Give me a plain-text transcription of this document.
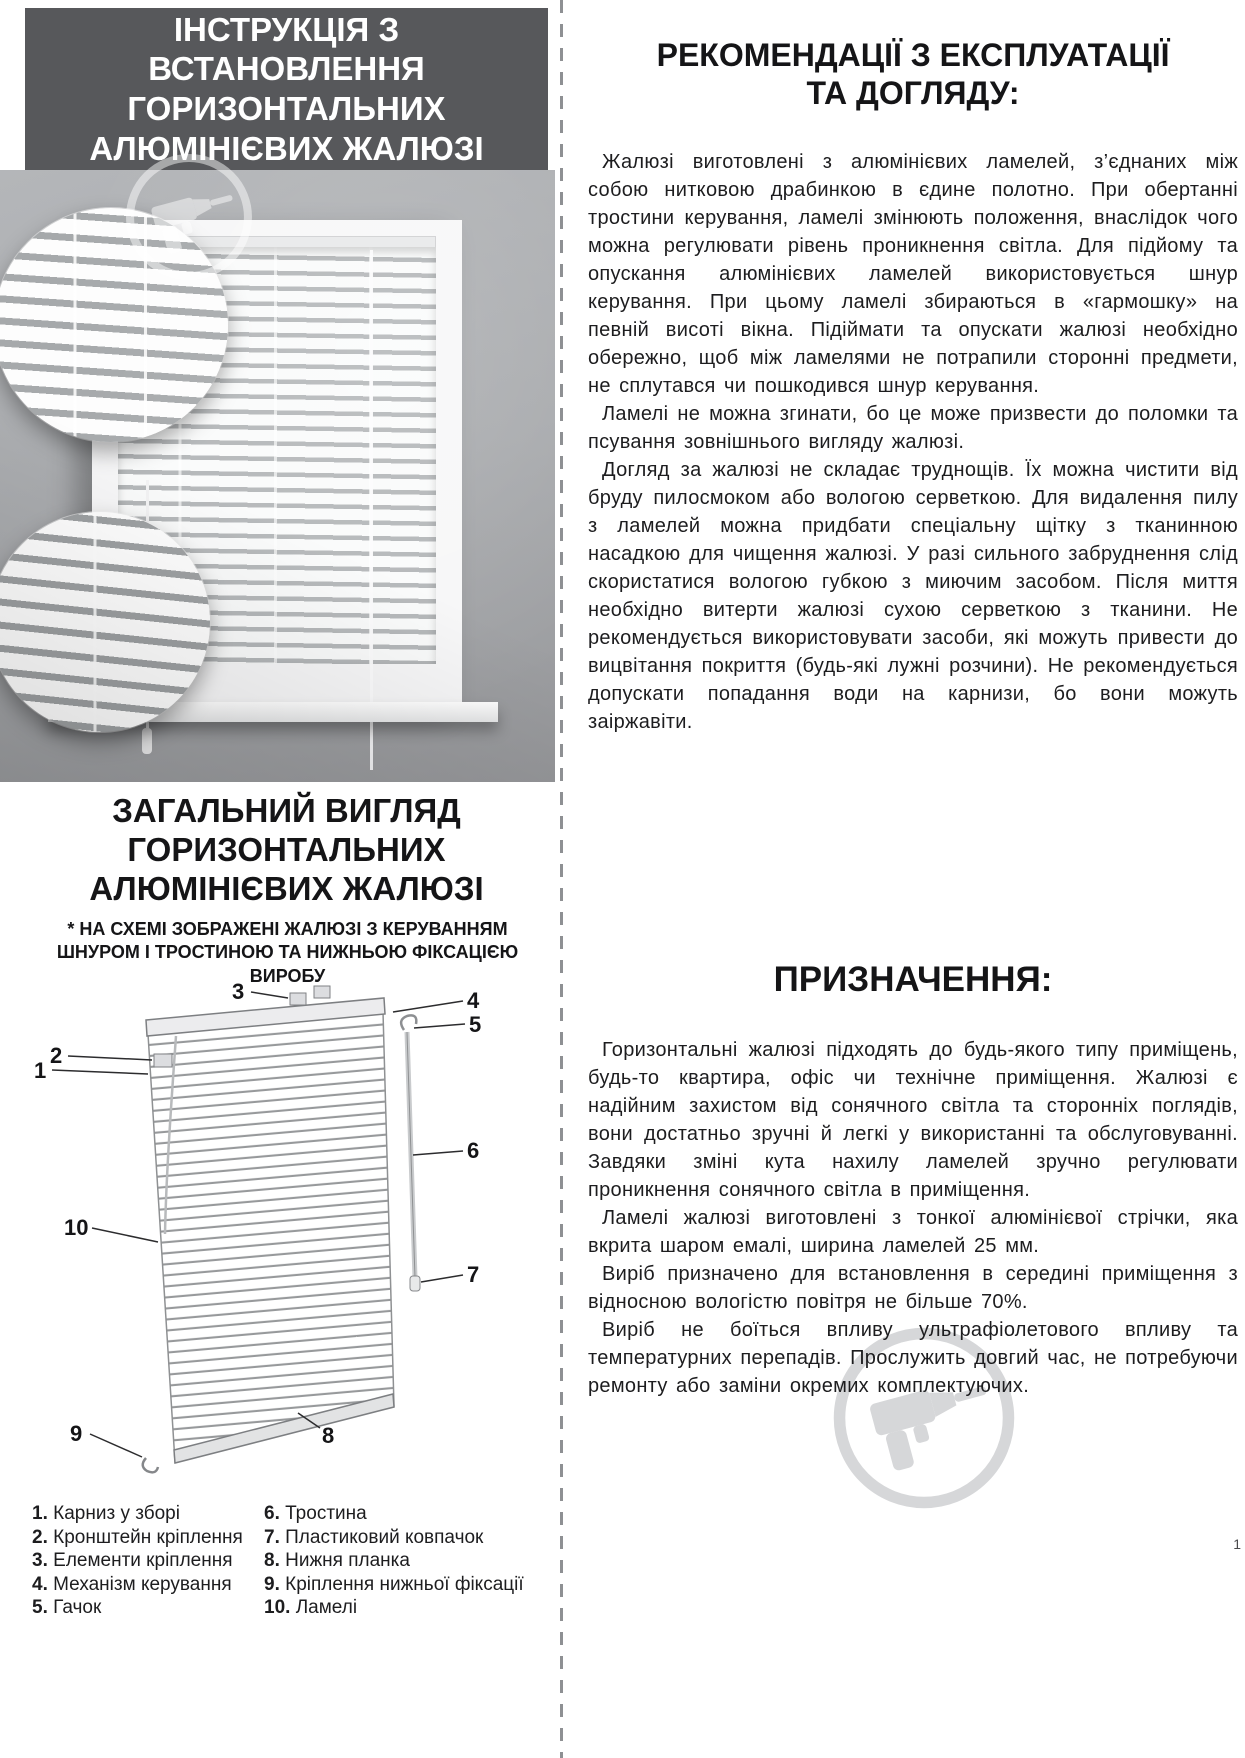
ІНСТРУКЦІЯ З ВСТАНОВЛЕННЯ ГОРИЗОНТАЛЬНИХ АЛЮМІНІЄВИХ ЖАЛЮЗІ
ЗАГАЛЬНИЙ ВИГЛЯД ГОРИЗОНТАЛЬНИХ АЛЮМІНІЄВИХ ЖАЛЮЗІ

* НА СХЕМІ ЗОБРАЖЕНІ ЖАЛЮЗІ З КЕРУВАННЯМ ШНУРОМ І ТРОСТИНОЮ ТА НИЖНЬОЮ ФІКСАЦІЄЮ ВИРОБУ

3	4
5
2
1
6
10
7
9	8
1. Карниз у зборі
2. Кронштейн кріплення
3. Елементи кріплення
4. Механізм керування
5. Гачок
6. Тростина
7. Пластиковий ковпачок
8. Нижня планка
9. Кріплення нижньої фіксації
10. Ламелі
РЕКОМЕНДАЦІЇ З ЕКСПЛУАТАЦІЇ ТА ДОГЛЯДУ:

Жалюзі виготовлені з алюмінієвих ламелей, з’єднаних між собою нитковою драбинкою в єдине полотно. При обертанні тростини керування, ламелі змінюють положення, внаслідок чого можна регулювати рівень проникнення світла. Для підйому та опускання алюмінієвих ламелей використовується шнур керування. При цьому ламелі збираються в «гармошку» на певній висоті вікна. Підіймати та опускати жалюзі необхідно обережно, щоб між ламелями не потрапили сторонні предмети, не сплутався чи пошкодився шнур керування.

Ламелі не можна згинати, бо це може призвести до поломки та псування зовнішнього вигляду жалюзі.

Догляд за жалюзі не складає труднощів. Їх можна чистити від бруду пилосмоком або вологою серветкою. Для видалення пилу з ламелей можна придбати спеціальну щітку з тканинною насадкою для чищення жалюзі. У разі сильного забруднення слід скористатися вологою губкою з миючим засобом. Після миття необхідно витерти жалюзі сухою серветкою з тканини. Не рекомендується використовувати засоби, які можуть привести до вицвітання покриття (будь-які лужні розчини). Не рекомендується допускати попадання води на карнизи, бо вони можуть заіржавіти.

ПРИЗНАЧЕННЯ:

Горизонтальні жалюзі підходять до будь-якого типу приміщень, будь-то квартира, офіс чи технічне приміщення. Жалюзі є надійним захистом від сонячного світла та сторонніх поглядів, вони достатньо зручні й легкі у використанні та обслуговуванні. Завдяки зміні кута нахилу ламелей зручно регулювати проникнення сонячного світла в приміщення.

Ламелі жалюзі виготовлені з тонкої алюмінієвої стрічки, яка вкрита шаром емалі, ширина ламелей 25 мм.

Виріб призначено для встановлення в середині приміщення з відносною вологістю повітря не більше 70%.

Виріб не боїться впливу ультрафіолетового впливу та температурних перепадів. Прослужить довгий час, не потребуючи ремонту або заміни окремих комплектуючих.

1
